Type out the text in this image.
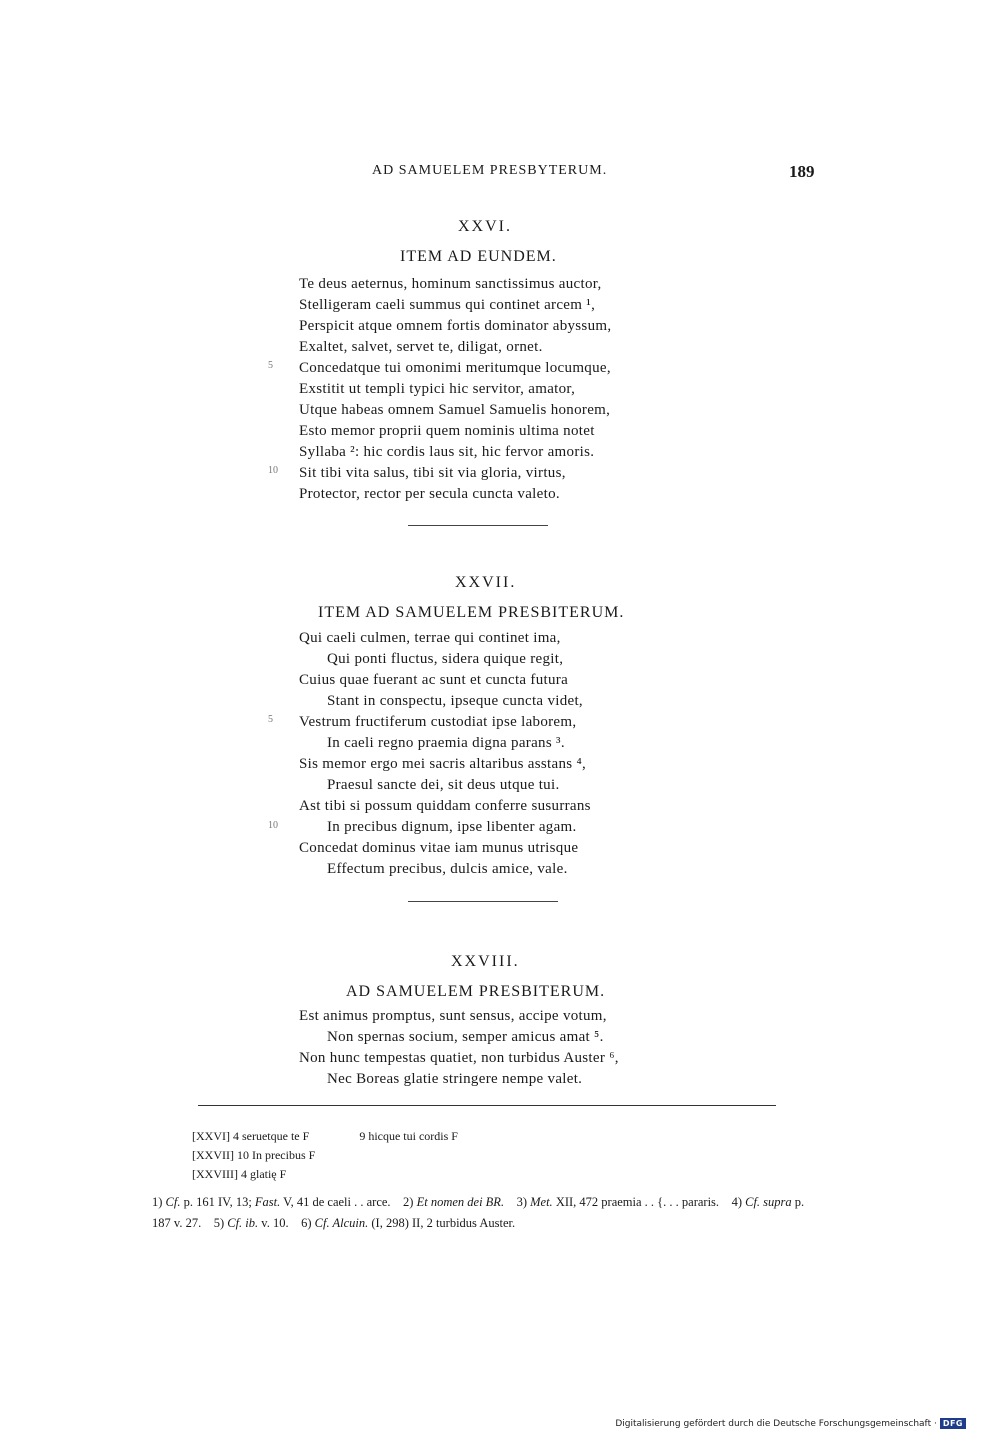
AD SAMUELEM PRESBYTERUM.	189
XXVI.
ITEM AD EUNDEM.
Te deus aeternus, hominum sanctissimus auctor,
Stelligeram caeli summus qui continet arcem ¹,
Perspicit atque omnem fortis dominator abyssum,
Exaltet, salvet, servet te, diligat, ornet.
Concedatque tui omonimi meritumque locumque,
Exstitit ut templi typici hic servitor, amator,
Utque habeas omnem Samuel Samuelis honorem,
Esto memor proprii quem nominis ultima notet
Syllaba ²: hic cordis laus sit, hic fervor amoris.
Sit tibi vita salus, tibi sit via gloria, virtus,
Protector, rector per secula cuncta valeto.
5
10
XXVII.
ITEM AD SAMUELEM PRESBITERUM.
Qui caeli culmen, terrae qui continet ima,
Qui ponti fluctus, sidera quique regit,
Cuius quae fuerant ac sunt et cuncta futura
Stant in conspectu, ipseque cuncta videt,
Vestrum fructiferum custodiat ipse laborem,
In caeli regno praemia digna parans ³.
Sis memor ergo mei sacris altaribus asstans ⁴,
Praesul sancte dei, sit deus utque tui.
Ast tibi si possum quiddam conferre susurrans
In precibus dignum, ipse libenter agam.
Concedat dominus vitae iam munus utrisque
Effectum precibus, dulcis amice, vale.
5
10
XXVIII.
AD SAMUELEM PRESBITERUM.
Est animus promptus, sunt sensus, accipe votum,
Non spernas socium, semper amicus amat ⁵.
Non hunc tempestas quatiet, non turbidus Auster ⁶,
Nec Boreas glatie stringere nempe valet.
[XXVI] 4 seruetque te F	9 hicque tui cordis F
[XXVII] 10 In precibus F
[XXVIII] 4 glatię F
1) Cf. p. 161 IV, 13; Fast. V, 41 de caeli . . arce. 2) Et nomen dei BR. 3) Met. XII, 472 praemia . . {. . . pararis. 4) Cf. supra p. 187 v. 27. 5) Cf. ib. v. 10. 6) Cf. Alcuin. (I, 298) II, 2 turbidus Auster.
Digitalisierung gefördert durch die Deutsche Forschungsgemeinschaft · DFG
